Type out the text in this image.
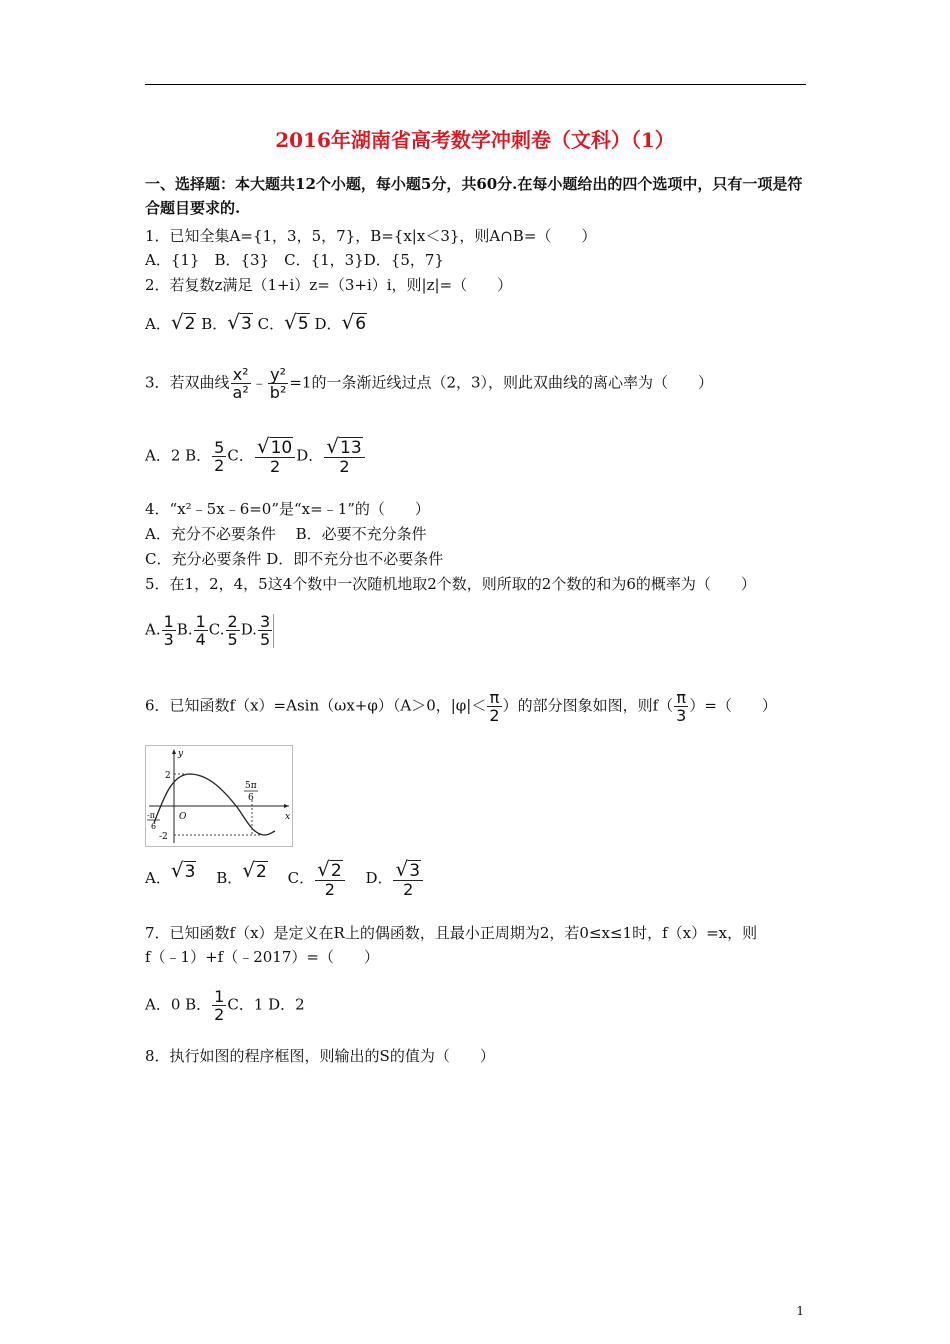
2016年湖南省高考数学冲刺卷（文科）（1）
一、选择题：本大题共12个小题，每小题5分，共60分.在每小题给出的四个选项中，只有一项是符合题目要求的.
1．已知全集A={1，3，5，7}，B={x|x＜3}，则A∩B=（　　）
A．{1}　B．{3}　C．{1，3}D．{5，7}
2．若复数z满足（1+i）z=（3+i）i，则|z|=（　　）
A．√2 B．√3 C．√5 D．√6
3．若双曲线 $\frac{\text{x²}}{\text{a²}}$ ﹣ $\frac{\text{y²}}{\text{b²}} =1$的一条渐近线过点（2，3），则此双曲线的离心率为（　　）
A．2 B． $\frac{5}{2}$ C． $\frac{√10}{2}$ D． $\frac{√13}{2}$
4．“x²﹣5x﹣6=0”是“x=﹣1”的（　　）
A．充分不必要条件　 B．必要不充分条件
C．充分必要条件 D．即不充分也不必要条件
5．在1，2，4，5这4个数中一次随机地取2个数，则所取的2个数的和为6的概率为（　　）
A. $\frac{1}{3} B$. $\frac{1}{4} C$. $\frac{2}{5} D$. $\frac{3}{5}$
6．已知函数f（x）=Asin（ωx+φ）（A＞0，$|\varphi|< \frac{\pi}{2}$ ）的部分图象如图，则$f( \frac{\pi}{3}$ ）=（　　）
y
x
O
2
-2
5π
6
-π
6
A．√3　 B．√2　 C． $\frac{√2}{2}$
　 D． $\frac{√3}{2}$
7．已知函数f（x）是定义在R上的偶函数，且最小正周期为2，若0≤x≤1时，f（x）=x，则
f（﹣1）+f（﹣2017）=（　　）
A．0 B． $\frac{1}{2}$ C．1 D．2
8．执行如图的程序框图，则输出的S的值为（　　）
1
